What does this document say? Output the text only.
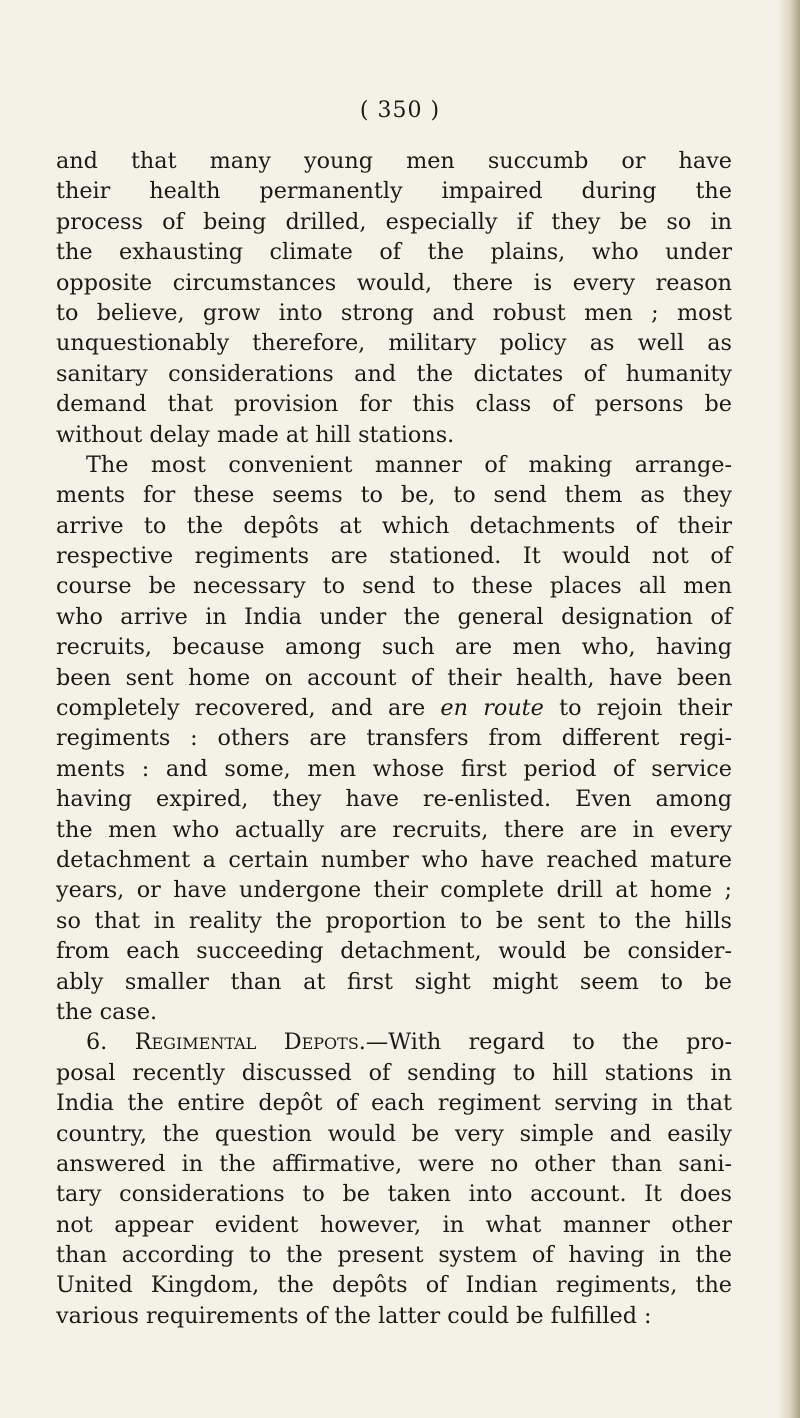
( 350 )
and that many young men succumb or have
their health permanently impaired during the
process of being drilled, especially if they be so in
the exhausting climate of the plains, who under
opposite circumstances would, there is every reason
to believe, grow into strong and robust men ; most
unquestionably therefore, military policy as well as
sanitary considerations and the dictates of humanity
demand that provision for this class of persons be
without delay made at hill stations.
The most convenient manner of making arrange-
ments for these seems to be, to send them as they
arrive to the depôts at which detachments of their
respective regiments are stationed. It would not of
course be necessary to send to these places all men
who arrive in India under the general designation of
recruits, because among such are men who, having
been sent home on account of their health, have been
completely recovered, and are en route to rejoin their
regiments : others are transfers from different regi-
ments : and some, men whose first period of service
having expired, they have re-enlisted. Even among
the men who actually are recruits, there are in every
detachment a certain number who have reached mature
years, or have undergone their complete drill at home ;
so that in reality the proportion to be sent to the hills
from each succeeding detachment, would be consider-
ably smaller than at first sight might seem to be
the case.
6. Regimental Depots.—With regard to the pro-
posal recently discussed of sending to hill stations in
India the entire depôt of each regiment serving in that
country, the question would be very simple and easily
answered in the affirmative, were no other than sani-
tary considerations to be taken into account. It does
not appear evident however, in what manner other
than according to the present system of having in the
United Kingdom, the depôts of Indian regiments, the
various requirements of the latter could be fulfilled :
